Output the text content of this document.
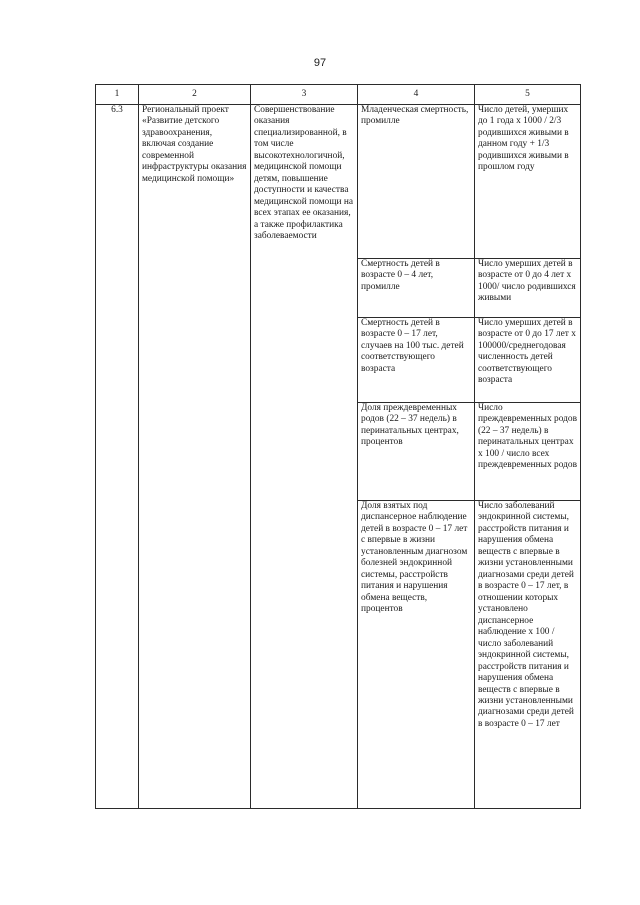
97
1	2	3	4	5
6.3	Региональный проект «Развитие детского здравоохранения, включая создание современной инфраструктуры оказания медицинской помощи»	Совершенствование оказания специализированной, в том числе высокотехнологичной, медицинской помощи детям, повышение доступности и качества медицинской помощи на всех этапах ее оказания, а также профилактика заболеваемости	Младенческая смертность, промилле	Число детей, умерших до 1 года x 1000 / 2/3 родившихся живыми в данном году + 1/3 родившихся живыми в прошлом году

			Смертность детей в возрасте 0 – 4 лет, промилле	Число умерших детей в возрасте от 0 до 4 лет х 1000/ число родившихся живыми

			Смертность детей в возрасте 0 – 17 лет, случаев на 100 тыс. детей соответствующего возраста	Число умерших детей в возрасте от 0 до 17 лет х 100000/среднегодовая численность детей соответствующего возраста

			Доля преждевременных родов (22 – 37 недель) в перинатальных центрах, процентов	Число преждевременных родов (22 – 37 недель) в перинатальных центрах х 100 / число всех преждевременных родов

			Доля взятых под диспансерное наблюдение детей в возрасте 0 – 17 лет с впервые в жизни установленным диагнозом болезней эндокринной системы, расстройств питания и нарушения обмена веществ, процентов	Число заболеваний эндокринной системы, расстройств питания и нарушения обмена веществ с впервые в жизни установленными диагнозами среди детей в возрасте 0 – 17 лет, в отношении которых установлено диспансерное наблюдение х 100 / число заболеваний эндокринной системы, расстройств питания и нарушения обмена веществ с впервые в жизни установленными диагнозами среди детей в возрасте 0 – 17 лет
